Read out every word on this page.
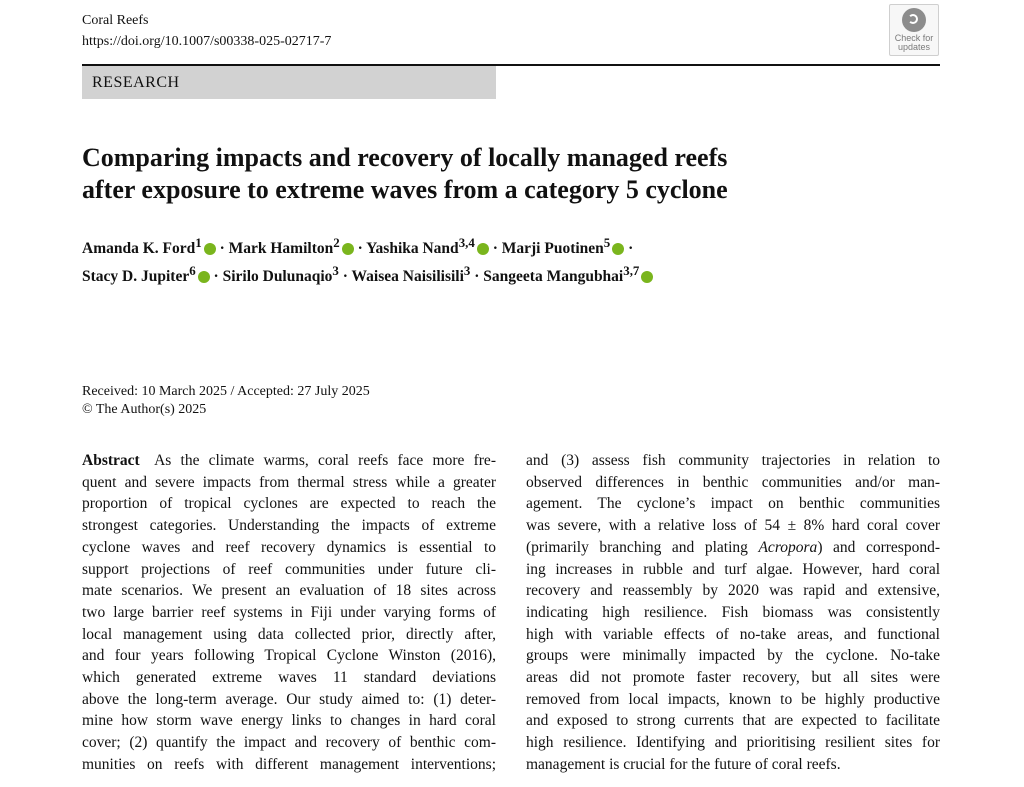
Coral Reefs
https://doi.org/10.1007/s00338-025-02717-7	Check for
updates
RESEARCH
Comparing impacts and recovery of locally managed reefs
after exposure to extreme waves from a category 5 cyclone
Amanda K. Ford$^1$ · Mark Hamilton$^2$ · Yashika Nand$^{3,4}$ · Marji Puotinen$^5$ ·
Stacy D. Jupiter$^6$ · Sirilo Dulunaqio$^3$ · Waisea Naisilisili$^3$ · Sangeeta Mangubhai$^{3,7}$
Received: 10 March 2025 / Accepted: 27 July 2025
© The Author(s) 2025
Abstract As the climate warms, coral reefs face more fre-
quent and severe impacts from thermal stress while a greater
proportion of tropical cyclones are expected to reach the
strongest categories. Understanding the impacts of extreme
cyclone waves and reef recovery dynamics is essential to
support projections of reef communities under future cli-
mate scenarios. We present an evaluation of 18 sites across
two large barrier reef systems in Fiji under varying forms of
local management using data collected prior, directly after,
and four years following Tropical Cyclone Winston (2016),
which generated extreme waves 11 standard deviations
above the long-term average. Our study aimed to: (1) deter-
mine how storm wave energy links to changes in hard coral
cover; (2) quantify the impact and recovery of benthic com-
munities on reefs with different management interventions;
and (3) assess fish community trajectories in relation to
observed differences in benthic communities and/or man-
agement. The cyclone’s impact on benthic communities
was severe, with a relative loss of 54 ± 8% hard coral cover
(primarily branching and plating Acropora) and correspond-
ing increases in rubble and turf algae. However, hard coral
recovery and reassembly by 2020 was rapid and extensive,
indicating high resilience. Fish biomass was consistently
high with variable effects of no-take areas, and functional
groups were minimally impacted by the cyclone. No-take
areas did not promote faster recovery, but all sites were
removed from local impacts, known to be highly productive
and exposed to strong currents that are expected to facilitate
high resilience. Identifying and prioritising resilient sites for
management is crucial for the future of coral reefs.
